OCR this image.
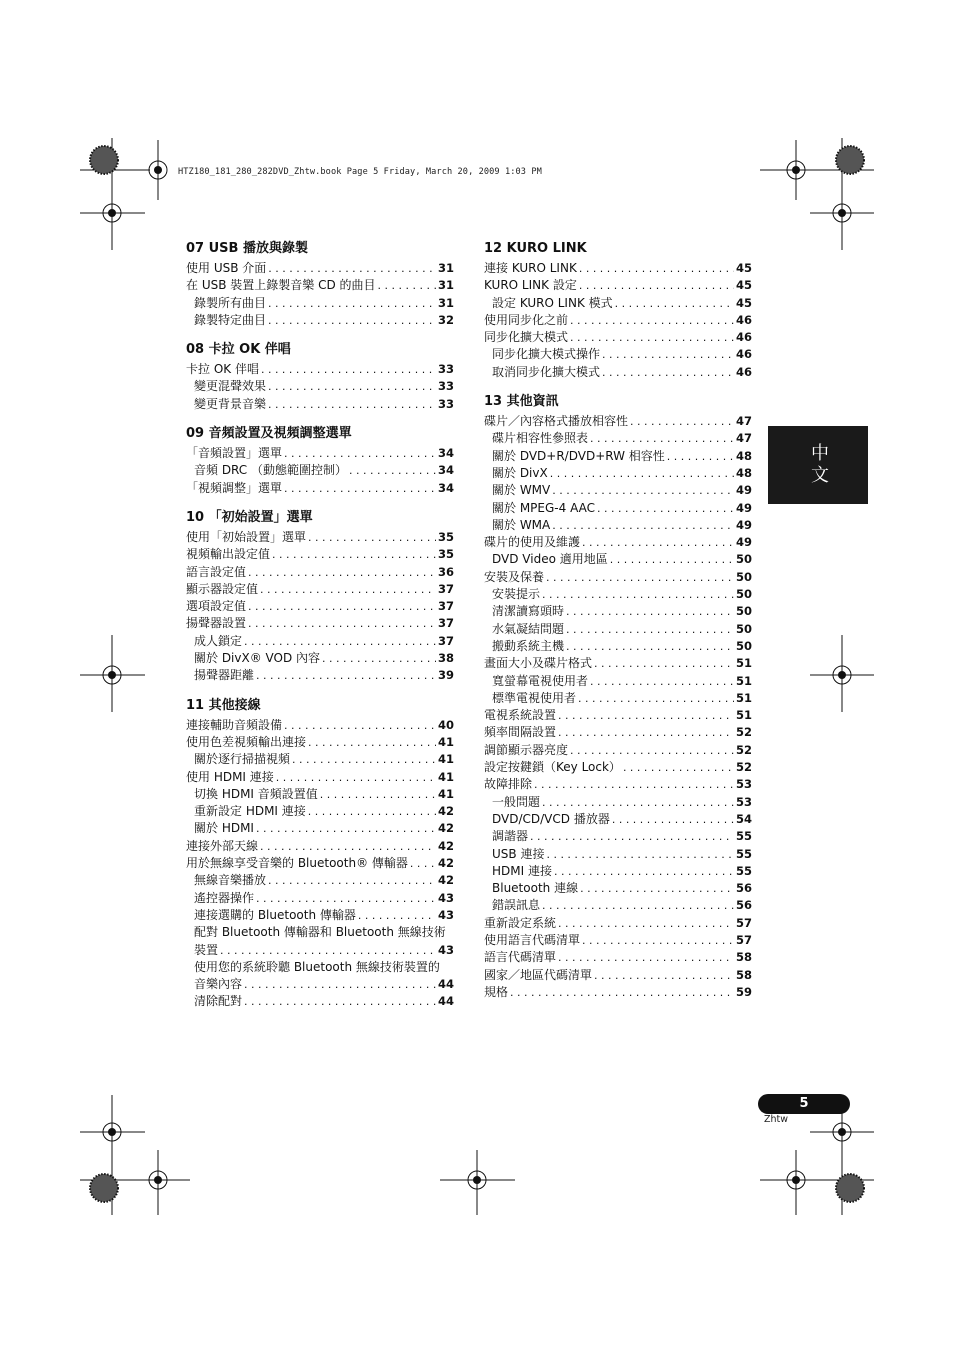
HTZ180_181_280_282DVD_Zhtw.book Page 5 Friday, March 20, 2009 1:03 PM
07 USB 播放與錄製
使用 USB 介面 . . .	31
在 USB 裝置上錄製音樂 CD 的曲目 . . .	31
錄製所有曲目 . . .	31
錄製特定曲目 . . .	32
08 卡拉 OK 伴唱
卡拉 OK 伴唱 . . .	33
變更混聲效果 . . .	33
變更背景音樂 . . .	33
09 音頻設置及視頻調整選單
「音頻設置」選單 . . .	34
音頻 DRC （動態範圍控制） . . .	34
「視頻調整」選單 . . .	34
10 「初始設置」選單
使用「初始設置」選單 . . .	35
視頻輸出設定值 . . .	35
語言設定值 . . .	36
顯示器設定值 . . .	37
選項設定值 . . .	37
揚聲器設置 . . .	37
成人鎖定 . . .	37
關於 DivX® VOD 內容 . . .	38
揚聲器距離 . . .	39
11 其他接線
連接輔助音頻設備 . . .	40
使用色差視頻輸出連接 . . .	41
關於逐行掃描視頻 . . .	41
使用 HDMI 連接 . . .	41
切換 HDMI 音頻設置值 . . .	41
重新設定 HDMI 連接 . . .	42
關於 HDMI . . .	42
連接外部天線 . . .	42
用於無線享受音樂的 Bluetooth® 傳輸器 . . .	42
無線音樂播放 . . .	42
遙控器操作 . . .	43
連接選購的 Bluetooth 傳輸器 . . .	43
配對 Bluetooth 傳輸器和 Bluetooth 無線技術
裝置 . . .	43
使用您的系統聆聽 Bluetooth 無線技術裝置的
音樂內容 . . .	44
清除配對 . . .	44
12 KURO LINK
連接 KURO LINK . . .	45
KURO LINK 設定 . . .	45
設定 KURO LINK 模式 . . .	45
使用同步化之前 . . .	46
同步化擴大模式 . . .	46
同步化擴大模式操作 . . .	46
取消同步化擴大模式 . . .	46
13 其他資訊
碟片／內容格式播放相容性 . . .	47
碟片相容性參照表 . . .	47
關於 DVD+R/DVD+RW 相容性 . . .	48
關於 DivX . . .	48
關於 WMV . . .	49
關於 MPEG-4 AAC . . .	49
關於 WMA . . .	49
碟片的使用及維護 . . .	49
DVD Video 適用地區 . . .	50
安裝及保養 . . .	50
安裝提示 . . .	50
清潔讀寫頭時 . . .	50
水氣凝結問題 . . .	50
搬動系統主機 . . .	50
畫面大小及碟片格式 . . .	51
寬螢幕電視使用者 . . .	51
標準電視使用者 . . .	51
電視系統設置 . . .	51
頻率間隔設置 . . .	52
調節顯示器亮度 . . .	52
設定按鍵鎖（Key Lock） . . .	52
故障排除 . . .	53
一般問題 . . .	53
DVD/CD/VCD 播放器 . . .	54
調諧器 . . .	55
USB 連接 . . .	55
HDMI 連接 . . .	55
Bluetooth 連線 . . .	56
錯誤訊息 . . .	56
重新設定系統 . . .	57
使用語言代碼清單 . . .	57
語言代碼清單 . . .	58
國家／地區代碼清單 . . .	58
規格 . . .	59
中文
5
Zhtw
